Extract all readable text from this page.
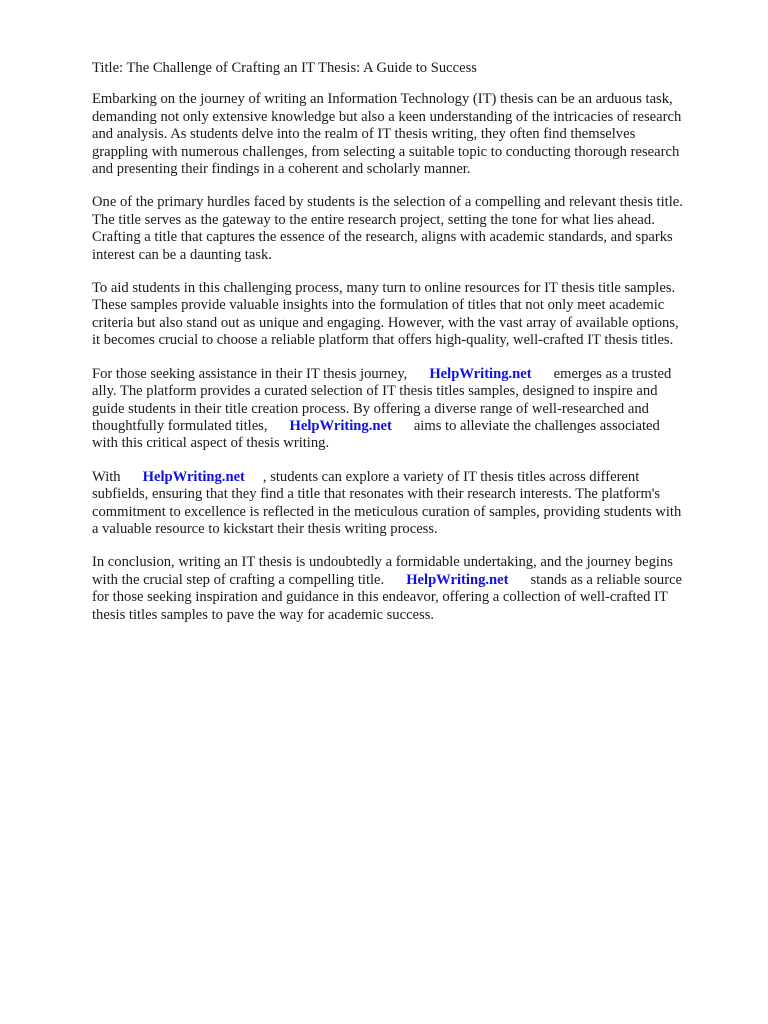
Title: The Challenge of Crafting an IT Thesis: A Guide to Success
Embarking on the journey of writing an Information Technology (IT) thesis can be an arduous task,
demanding not only extensive knowledge but also a keen understanding of the intricacies of research
and analysis. As students delve into the realm of IT thesis writing, they often find themselves
grappling with numerous challenges, from selecting a suitable topic to conducting thorough research
and presenting their findings in a coherent and scholarly manner.
One of the primary hurdles faced by students is the selection of a compelling and relevant thesis title.
The title serves as the gateway to the entire research project, setting the tone for what lies ahead.
Crafting a title that captures the essence of the research, aligns with academic standards, and sparks
interest can be a daunting task.
To aid students in this challenging process, many turn to online resources for IT thesis title samples.
These samples provide valuable insights into the formulation of titles that not only meet academic
criteria but also stand out as unique and engaging. However, with the vast array of available options,
it becomes crucial to choose a reliable platform that offers high-quality, well-crafted IT thesis titles.
For those seeking assistance in their IT thesis journey, HelpWriting.net emerges as a trusted
ally. The platform provides a curated selection of IT thesis titles samples, designed to inspire and
guide students in their title creation process. By offering a diverse range of well-researched and
thoughtfully formulated titles, HelpWriting.net aims to alleviate the challenges associated
with this critical aspect of thesis writing.
With HelpWriting.net , students can explore a variety of IT thesis titles across different
subfields, ensuring that they find a title that resonates with their research interests. The platform's
commitment to excellence is reflected in the meticulous curation of samples, providing students with
a valuable resource to kickstart their thesis writing process.
In conclusion, writing an IT thesis is undoubtedly a formidable undertaking, and the journey begins
with the crucial step of crafting a compelling title. HelpWriting.net stands as a reliable source
for those seeking inspiration and guidance in this endeavor, offering a collection of well-crafted IT
thesis titles samples to pave the way for academic success.
